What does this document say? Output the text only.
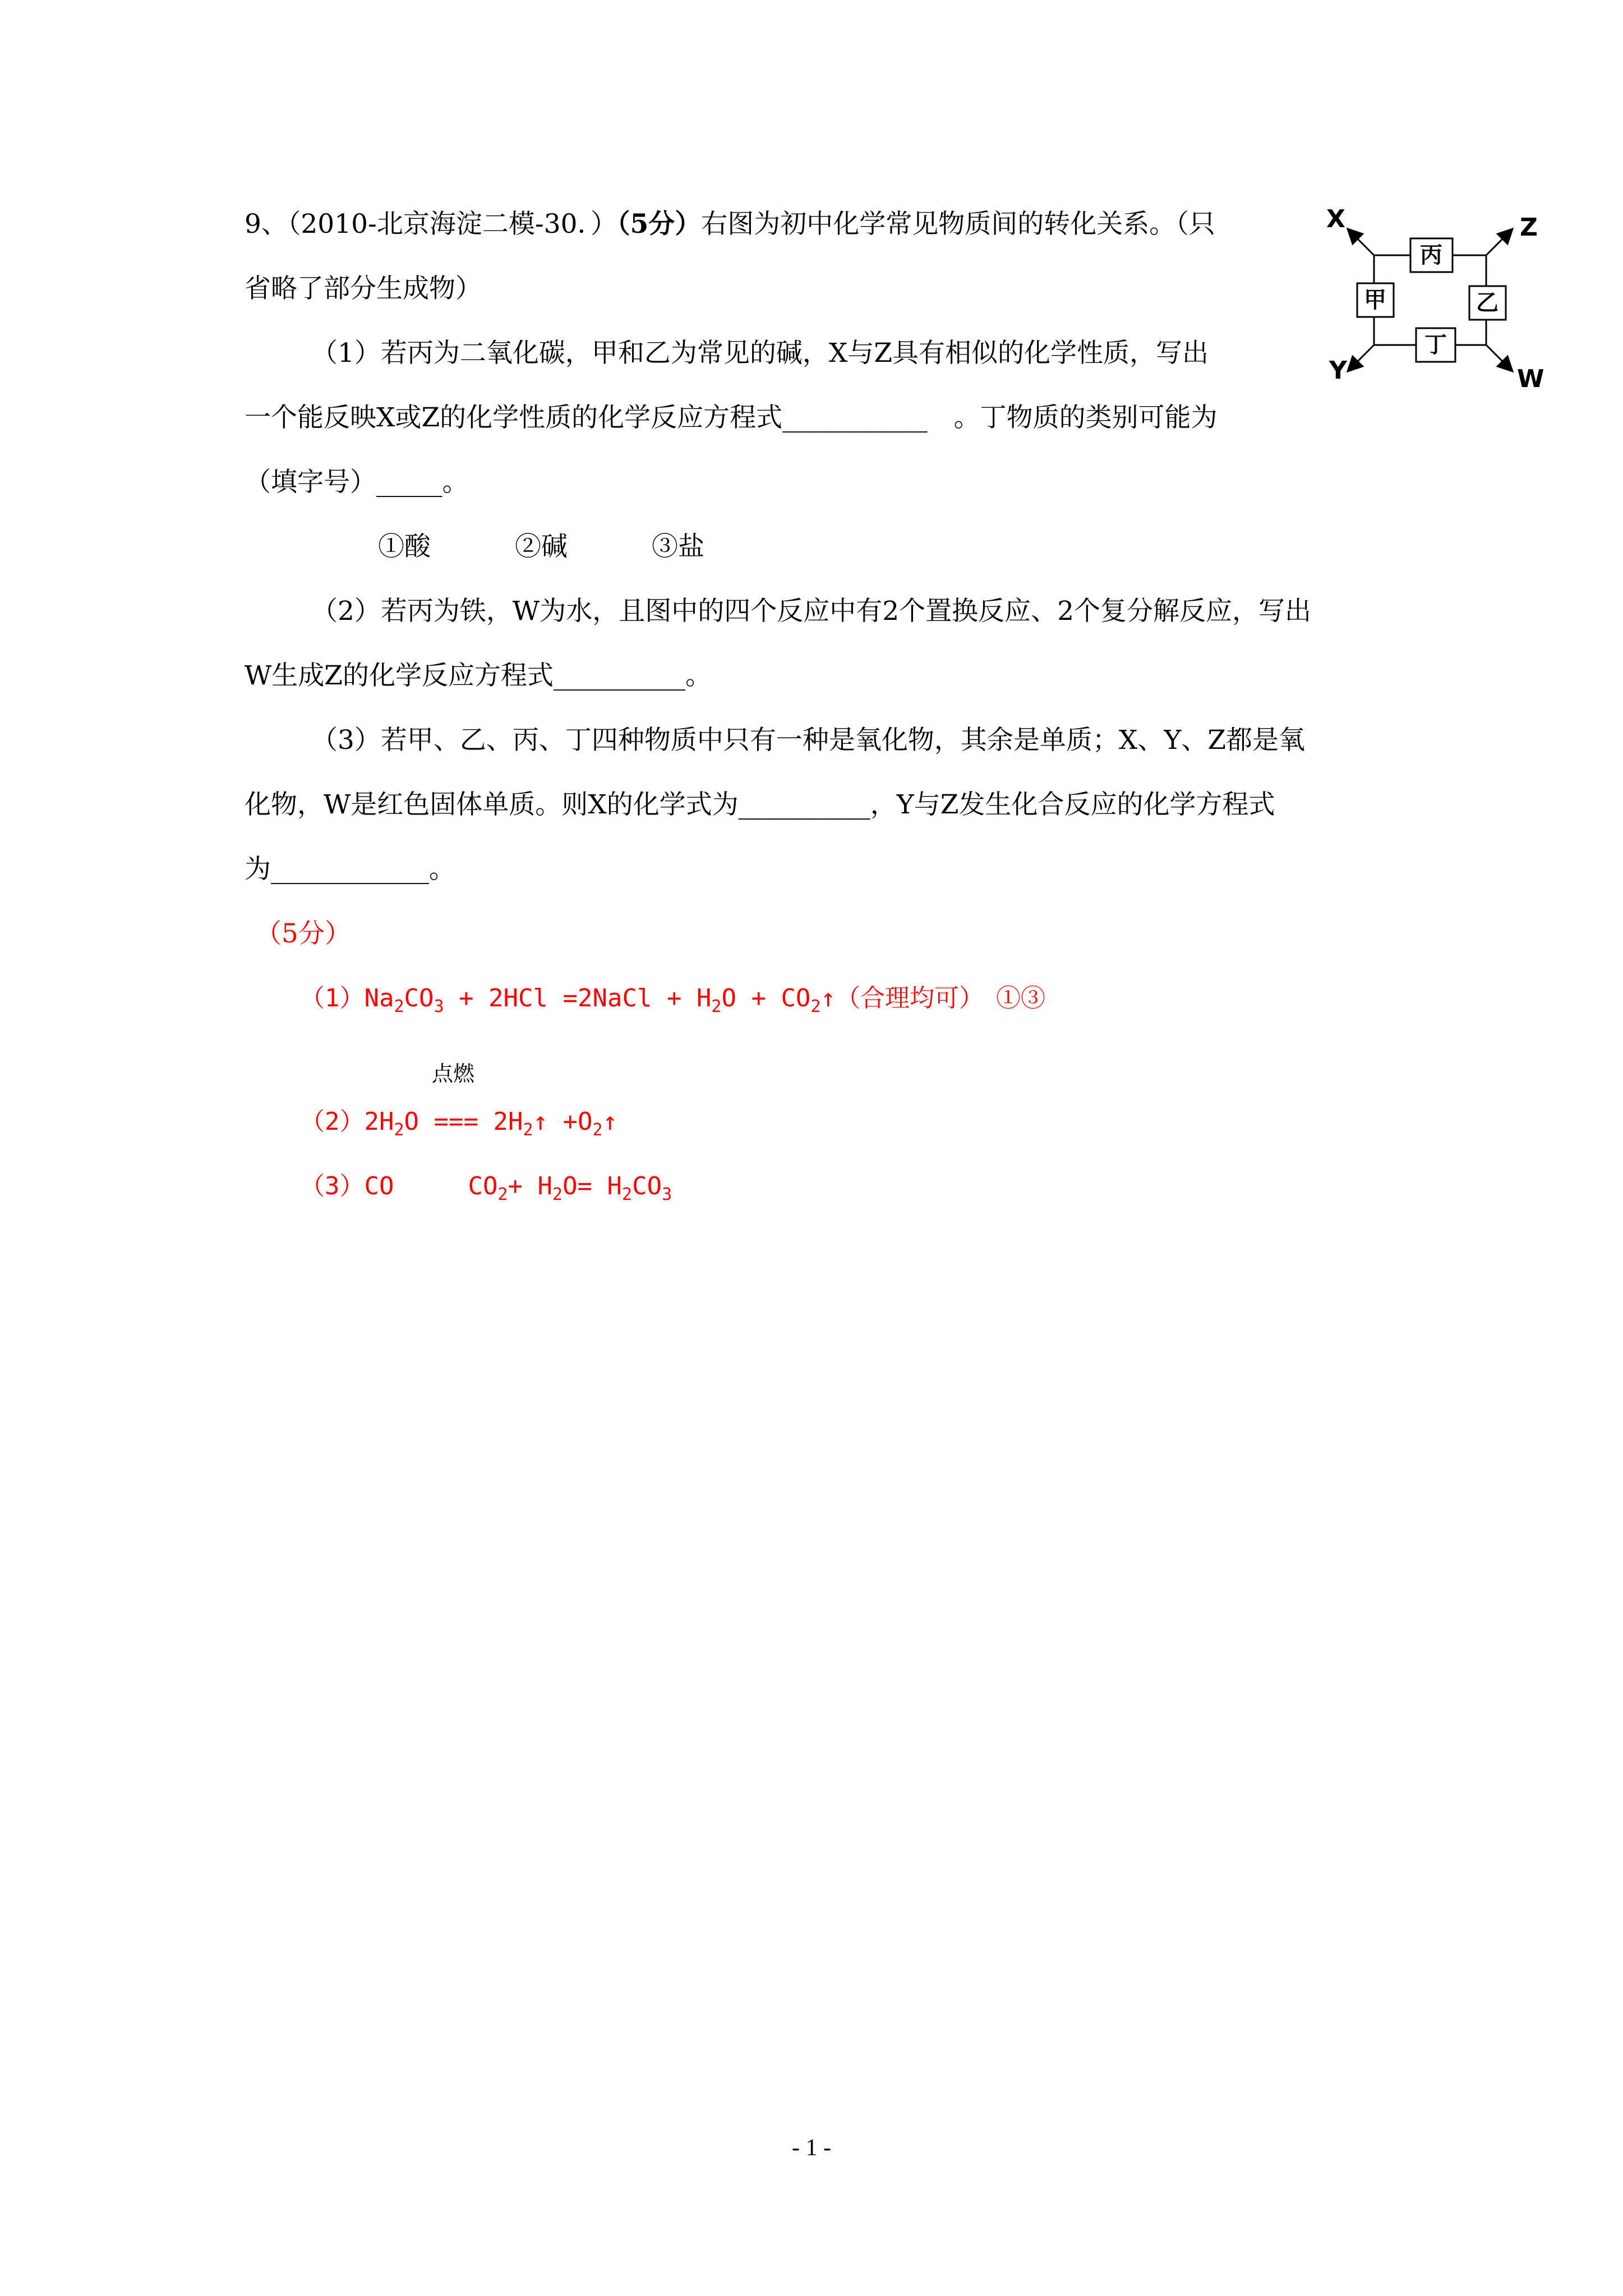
9、（2010-北京海淀二模-30．）（5分）右图为初中化学常见物质间的转化关系。（只
省略了部分生成物）
（1）若丙为二氧化碳，甲和乙为常见的碱，X与Z具有相似的化学性质，写出
一个能反映X或Z的化学性质的化学反应方程式___________　。丁物质的类别可能为
（填字号）_____。
①酸	②碱	③盐
（2）若丙为铁，W为水，且图中的四个反应中有2个置换反应、2个复分解反应，写出
W生成Z的化学反应方程式__________。
（3）若甲、乙、丙、丁四种物质中只有一种是氧化物，其余是单质；X、Y、Z都是氧
化物，W是红色固体单质。则X的化学式为__________，Y与Z发生化合反应的化学方程式
为____________。
丙
甲	乙
丁
X	Z
Y	W
（5分）
$(1)Na_2CO_3 + 2HCl$ =2NaCl + $H_2O$ + $CO_2↑$（合理均可）　①③
点燃
$(2)2H_2O$ === $2H_2↑$ $+O_2↑$
（3）CO　　　$CO_2+ H_2O= H_2CO_3$
- 1 -
